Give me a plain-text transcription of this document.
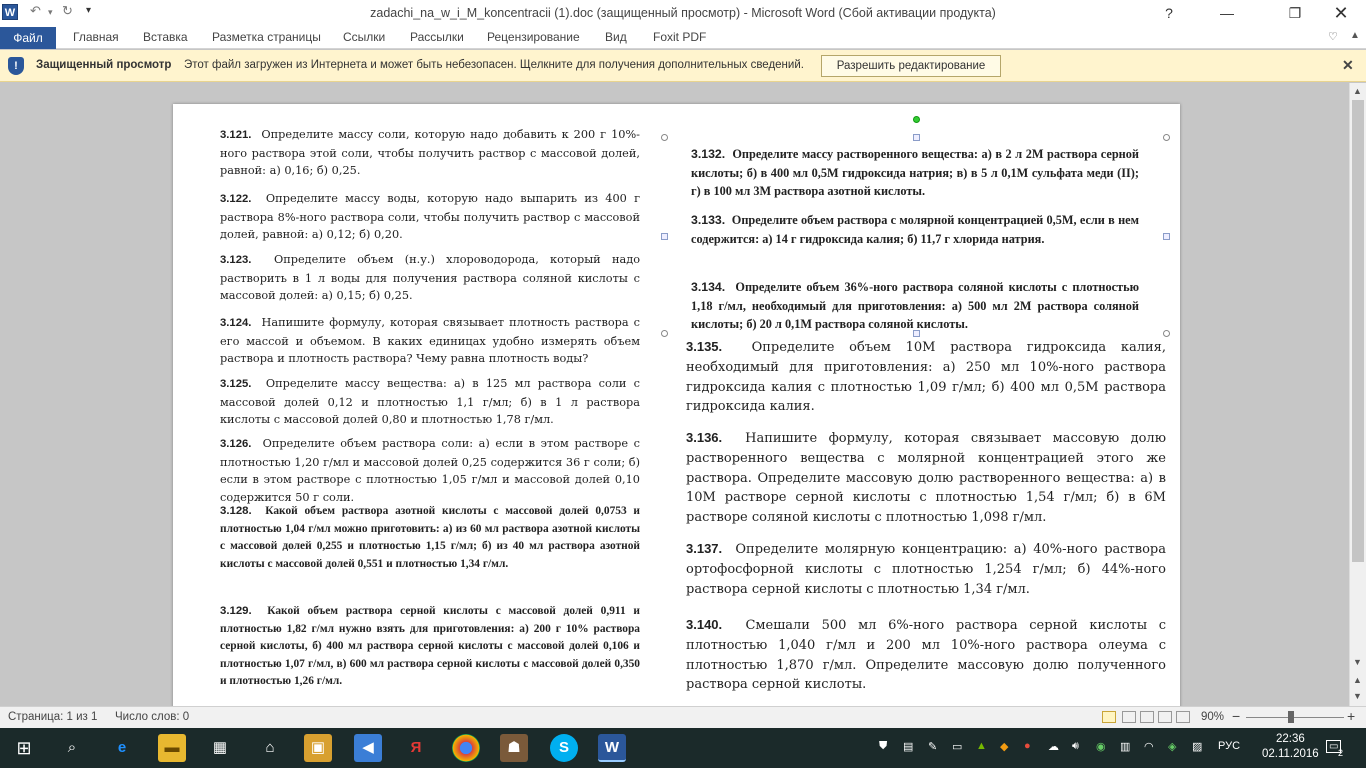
W ↶ ▾ ↻ ▾	zadachi_na_w_i_M_koncentracii (1).doc (защищенный просмотр) - Microsoft Word (Сбой активации продукта)	?	—	❐	✕
Файл	Главная Вставка Разметка страницы Ссылки Рассылки Рецензирование Вид Foxit PDF	♡ ▲
!	Защищенный просмотр Этот файл загружен из Интернета и может быть небезопасен. Щелкните для получения дополнительных сведений.	Разрешить редактирование	✕
3.121. Определите массу соли, которую надо добавить к 200 г 10%-ного раствора этой соли, чтобы получить раствор с массовой долей, равной: а) 0,16; б) 0,25.
3.122. Определите массу воды, которую надо выпарить из 400 г раствора 8%-ного раствора соли, чтобы получить раствор с массовой долей, равной: а) 0,12; б) 0,20.
3.123. Определите объем (н.у.) хлороводорода, который надо растворить в 1 л воды для получения раствора соляной кислоты с массовой долей: а) 0,15; б) 0,25.
3.124. Напишите формулу, которая связывает плотность раствора с его массой и объемом. В каких единицах удобно измерять объем раствора и плотность раствора? Чему равна плотность воды?
3.125. Определите массу вещества: а) в 125 мл раствора соли с массовой долей 0,12 и плотностью 1,1 г/мл; б) в 1 л раствора кислоты с массовой долей 0,80 и плотностью 1,78 г/мл.
3.126. Определите объем раствора соли: а) если в этом растворе с плотностью 1,20 г/мл и массовой долей 0,25 содержится 36 г соли; б) если в этом растворе с плотностью 1,05 г/мл и массовой долей 0,10 содержится 50 г соли.
3.128. Какой объем раствора азотной кислоты с массовой долей 0,0753 и плотностью 1,04 г/мл можно приготовить: а) из 60 мл раствора азотной кислоты с массовой долей 0,255 и плотностью 1,15 г/мл; б) из 40 мл раствора азотной кислоты с массовой долей 0,551 и плотностью 1,34 г/мл.
3.129. Какой объем раствора серной кислоты с массовой долей 0,911 и плотностью 1,82 г/мл нужно взять для приготовления: а) 200 г 10% раствора серной кислоты, б) 400 мл раствора серной кислоты с массовой долей 0,106 и плотностью 1,07 г/мл, в) 600 мл раствора серной кислоты с массовой долей 0,350 и плотностью 1,26 г/мл.
3.132. Определите массу растворенного вещества: а) в 2 л 2M раствора серной кислоты; б) в 400 мл 0,5M гидроксида натрия; в) в 5 л 0,1M сульфата меди (II); г) в 100 мл 3M раствора азотной кислоты.
3.133. Определите объем раствора с молярной концентрацией 0,5M, если в нем содержится: а) 14 г гидроксида калия; б) 11,7 г хлорида натрия.
3.134. Определите объем 36%-ного раствора соляной кислоты с плотностью 1,18 г/мл, необходимый для приготовления: а) 500 мл 2M раствора соляной кислоты; б) 20 л 0,1M раствора соляной кислоты.
3.135. Определите объем 10M раствора гидроксида калия, необходимый для приготовления: а) 250 мл 10%-ного раствора гидроксида калия с плотностью 1,09 г/мл; б) 400 мл 0,5M раствора гидроксида калия.
3.136. Напишите формулу, которая связывает массовую долю растворенного вещества с молярной концентрацией этого же раствора. Определите массовую долю растворенного вещества: а) в 10M растворе серной кислоты с плотностью 1,54 г/мл; б) в 6M растворе соляной кислоты с плотностью 1,098 г/мл.
3.137. Определите молярную концентрацию: а) 40%-ного раствора ортофосфорной кислоты с плотностью 1,254 г/мл; б) 44%-ного раствора серной кислоты с плотностью 1,34 г/мл.
3.140. Смешали 500 мл 6%-ного раствора серной кислоты с плотностью 1,040 г/мл и 200 мл 10%-ного раствора олеума с плотностью 1,870 г/мл. Определите массовую долю полученного раствора серной кислоты.
▲
▼
▲
▼
Страница: 1 из 1 Число слов: 0	90% −	+
⊞	⌕	e	▬	▦	⌂	▣	◀	Я	☗	S	W	⛊ ▤ ✎ ▭ ▲ ◆ ● ☁ 🔊︎ ◉ ▥ ◠ ◈ ▨ РУС
22:36
02.11.2016
▭
2
